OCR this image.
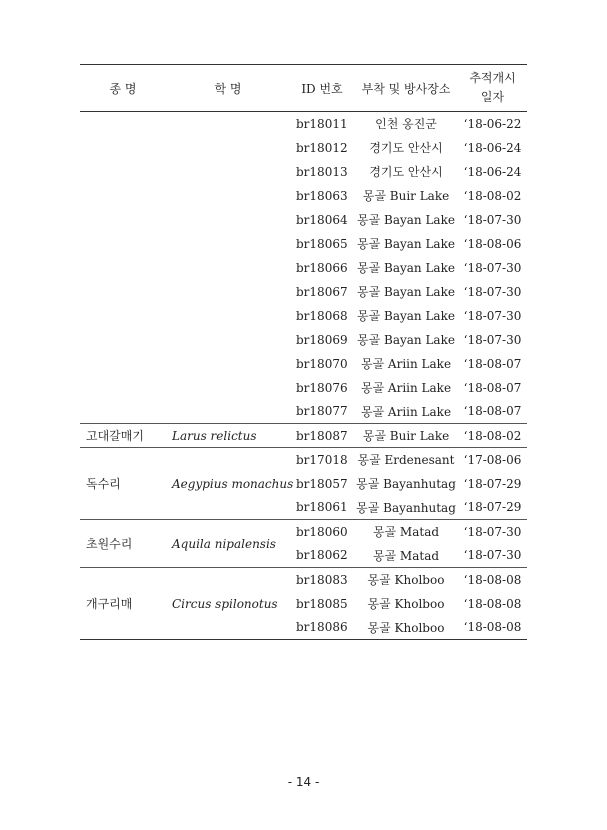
종 명	학 명	ID 번호	부착 및 방사장소	추적개시
일자

		br18011	인천 옹진군	‘18-06-22
		br18012	경기도 안산시	‘18-06-24
		br18013	경기도 안산시	‘18-06-24
		br18063	몽골 Buir Lake	‘18-08-02
		br18064	몽골 Bayan Lake	‘18-07-30
		br18065	몽골 Bayan Lake	‘18-08-06
		br18066	몽골 Bayan Lake	‘18-07-30
		br18067	몽골 Bayan Lake	‘18-07-30
		br18068	몽골 Bayan Lake	‘18-07-30
		br18069	몽골 Bayan Lake	‘18-07-30
		br18070	몽골 Ariin Lake	‘18-08-07
		br18076	몽골 Ariin Lake	‘18-08-07
		br18077	몽골 Ariin Lake	‘18-08-07
고대갈매기	Larus relictus	br18087	몽골 Buir Lake	‘18-08-02
독수리	Aegypius monachus	br17018	몽골 Erdenesant	‘17-08-06
		br18057	몽골 Bayanhutag	‘18-07-29
		br18061	몽골 Bayanhutag	‘18-07-29
초원수리	Aquila nipalensis	br18060	몽골 Matad	‘18-07-30
		br18062	몽골 Matad	‘18-07-30
개구리매	Circus spilonotus	br18083	몽골 Kholboo	‘18-08-08
		br18085	몽골 Kholboo	‘18-08-08
		br18086	몽골 Kholboo	‘18-08-08
- 14 -
